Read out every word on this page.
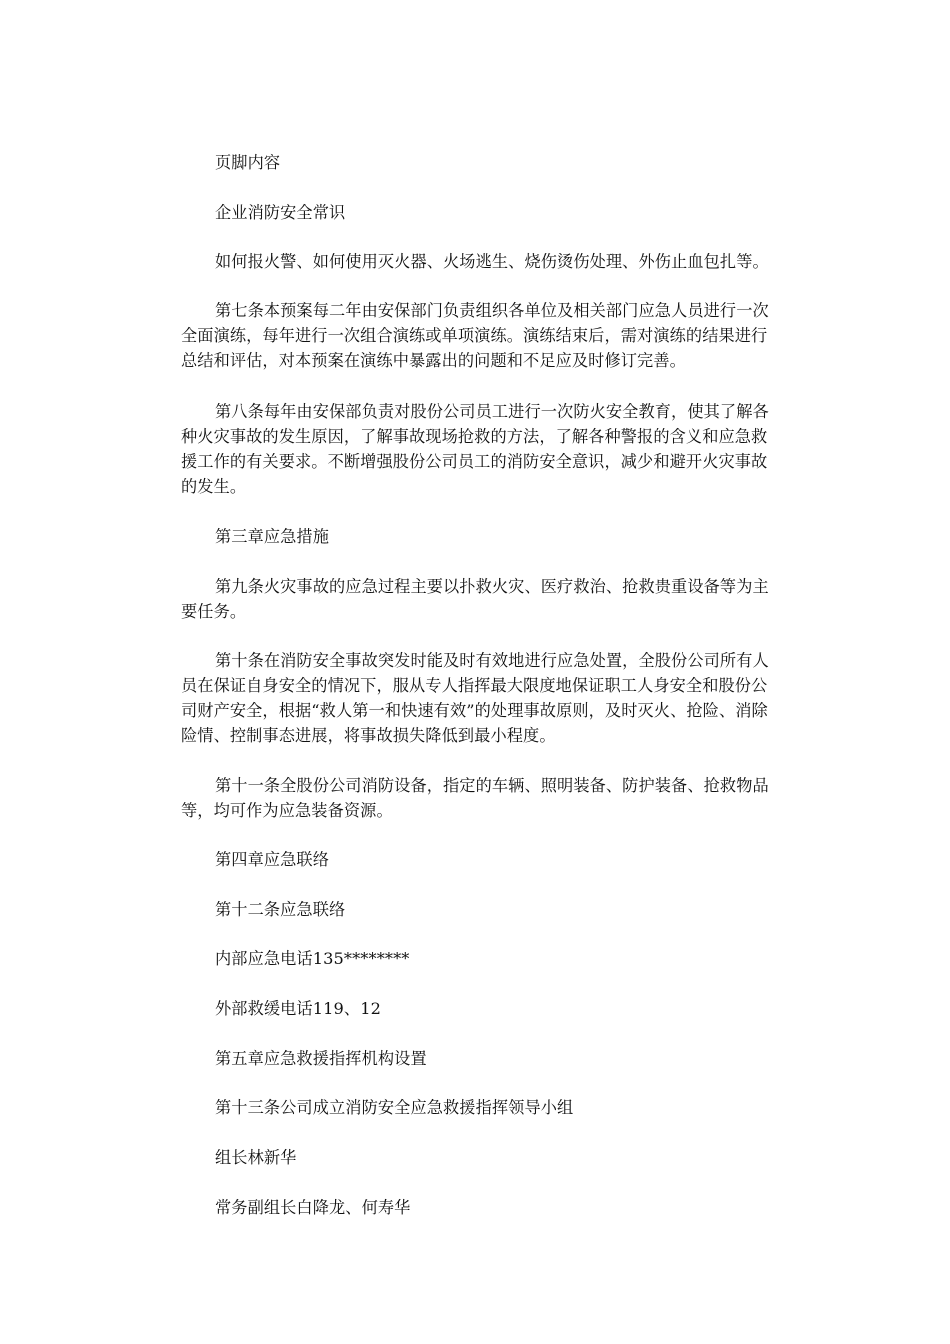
页脚内容

企业消防安全常识

如何报火警、如何使用灭火器、火场逃生、烧伤烫伤处理、外伤止血包扎等。

第七条本预案每二年由安保部门负责组织各单位及相关部门应急人员进行一次全面演练，每年进行一次组合演练或单项演练。演练结束后，需对演练的结果进行总结和评估，对本预案在演练中暴露出的问题和不足应及时修订完善。

第八条每年由安保部负责对股份公司员工进行一次防火安全教育，使其了解各种火灾事故的发生原因，了解事故现场抢救的方法，了解各种警报的含义和应急救援工作的有关要求。不断增强股份公司员工的消防安全意识，减少和避开火灾事故的发生。

第三章应急措施

第九条火灾事故的应急过程主要以扑救火灾、医疗救治、抢救贵重设备等为主要任务。

第十条在消防安全事故突发时能及时有效地进行应急处置，全股份公司所有人员在保证自身安全的情况下，服从专人指挥最大限度地保证职工人身安全和股份公司财产安全，根据“救人第一和快速有效”的处理事故原则，及时灭火、抢险、消除险情、控制事态进展，将事故损失降低到最小程度。

第十一条全股份公司消防设备，指定的车辆、照明装备、防护装备、抢救物品等，均可作为应急装备资源。

第四章应急联络

第十二条应急联络

内部应急电话135********

外部救缓电话119、12

第五章应急救援指挥机构设置

第十三条公司成立消防安全应急救援指挥领导小组

组长林新华

常务副组长白降龙、何寿华
